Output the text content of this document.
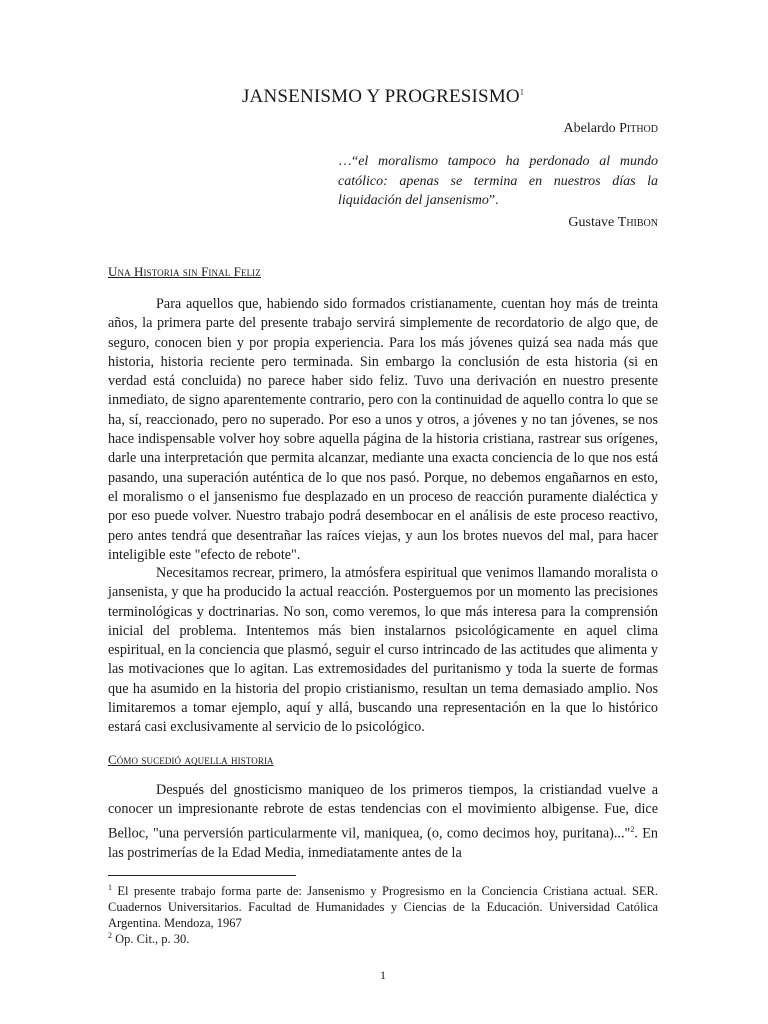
JANSENISMO Y PROGRESISMO$^1$
Abelardo Pithod
…“el moralismo tampoco ha perdonado al mundo católico: apenas se termina en nuestros días la liquidación del jansenismo”.
Gustave Thibon
Una Historia sin Final Feliz

Para aquellos que, habiendo sido formados cristianamente, cuentan hoy más de treinta años, la primera parte del presente trabajo servirá simplemente de recordatorio de algo que, de seguro, conocen bien y por propia experiencia. Para los más jóvenes quizá sea nada más que historia, historia reciente pero terminada. Sin embargo la conclusión de esta historia (si en verdad está concluida) no parece haber sido feliz. Tuvo una derivación en nuestro presente inmediato, de signo aparentemente contrario, pero con la continuidad de aquello contra lo que se ha, sí, reaccionado, pero no superado. Por eso a unos y otros, a jóvenes y no tan jóvenes, se nos hace indispensable volver hoy sobre aquella página de la historia cristiana, rastrear sus orígenes, darle una interpretación que permita alcanzar, mediante una exacta conciencia de lo que nos está pasando, una superación auténtica de lo que nos pasó. Porque, no debemos engañarnos en esto, el moralismo o el jansenismo fue desplazado en un proceso de reacción puramente dialéctica y por eso puede volver. Nuestro trabajo podrá desembocar en el análisis de este proceso reactivo, pero antes tendrá que desentrañar las raíces viejas, y aun los brotes nuevos del mal, para hacer inteligible este "efecto de rebote".

Necesitamos recrear, primero, la atmósfera espiritual que venimos llamando moralista o jansenista, y que ha producido la actual reacción. Posterguemos por un momento las precisiones terminológicas y doctrinarias. No son, como veremos, lo que más interesa para la comprensión inicial del problema. Intentemos más bien instalarnos psicológicamente en aquel clima espiritual, en la conciencia que plasmó, seguir el curso intrincado de las actitudes que alimenta y las motivaciones que lo agitan. Las extremosidades del puritanismo y toda la suerte de formas que ha asumido en la historia del propio cristianismo, resultan un tema demasiado amplio. Nos limitaremos a tomar ejemplo, aquí y allá, buscando una representación en la que lo histórico estará casi exclusivamente al servicio de lo psicológico.

Cómo sucedió aquella historia

Después del gnosticismo maniqueo de los primeros tiempos, la cristiandad vuelve a conocer un impresionante rebrote de estas tendencias con el movimiento albigense. Fue, dice Belloc, "una perversión particularmente vil, maniquea, (o, como decimos hoy, puritana)..."$^2$. En las postrimerías de la Edad Media, inmediatamente antes de la

$^1$ El presente trabajo forma parte de: Jansenismo y Progresismo en la Conciencia Cristiana actual. SER. Cuadernos Universitarios. Facultad de Humanidades y Ciencias de la Educación. Universidad Católica Argentina. Mendoza, 1967

$^2$ Op. Cit., p. 30.

1
